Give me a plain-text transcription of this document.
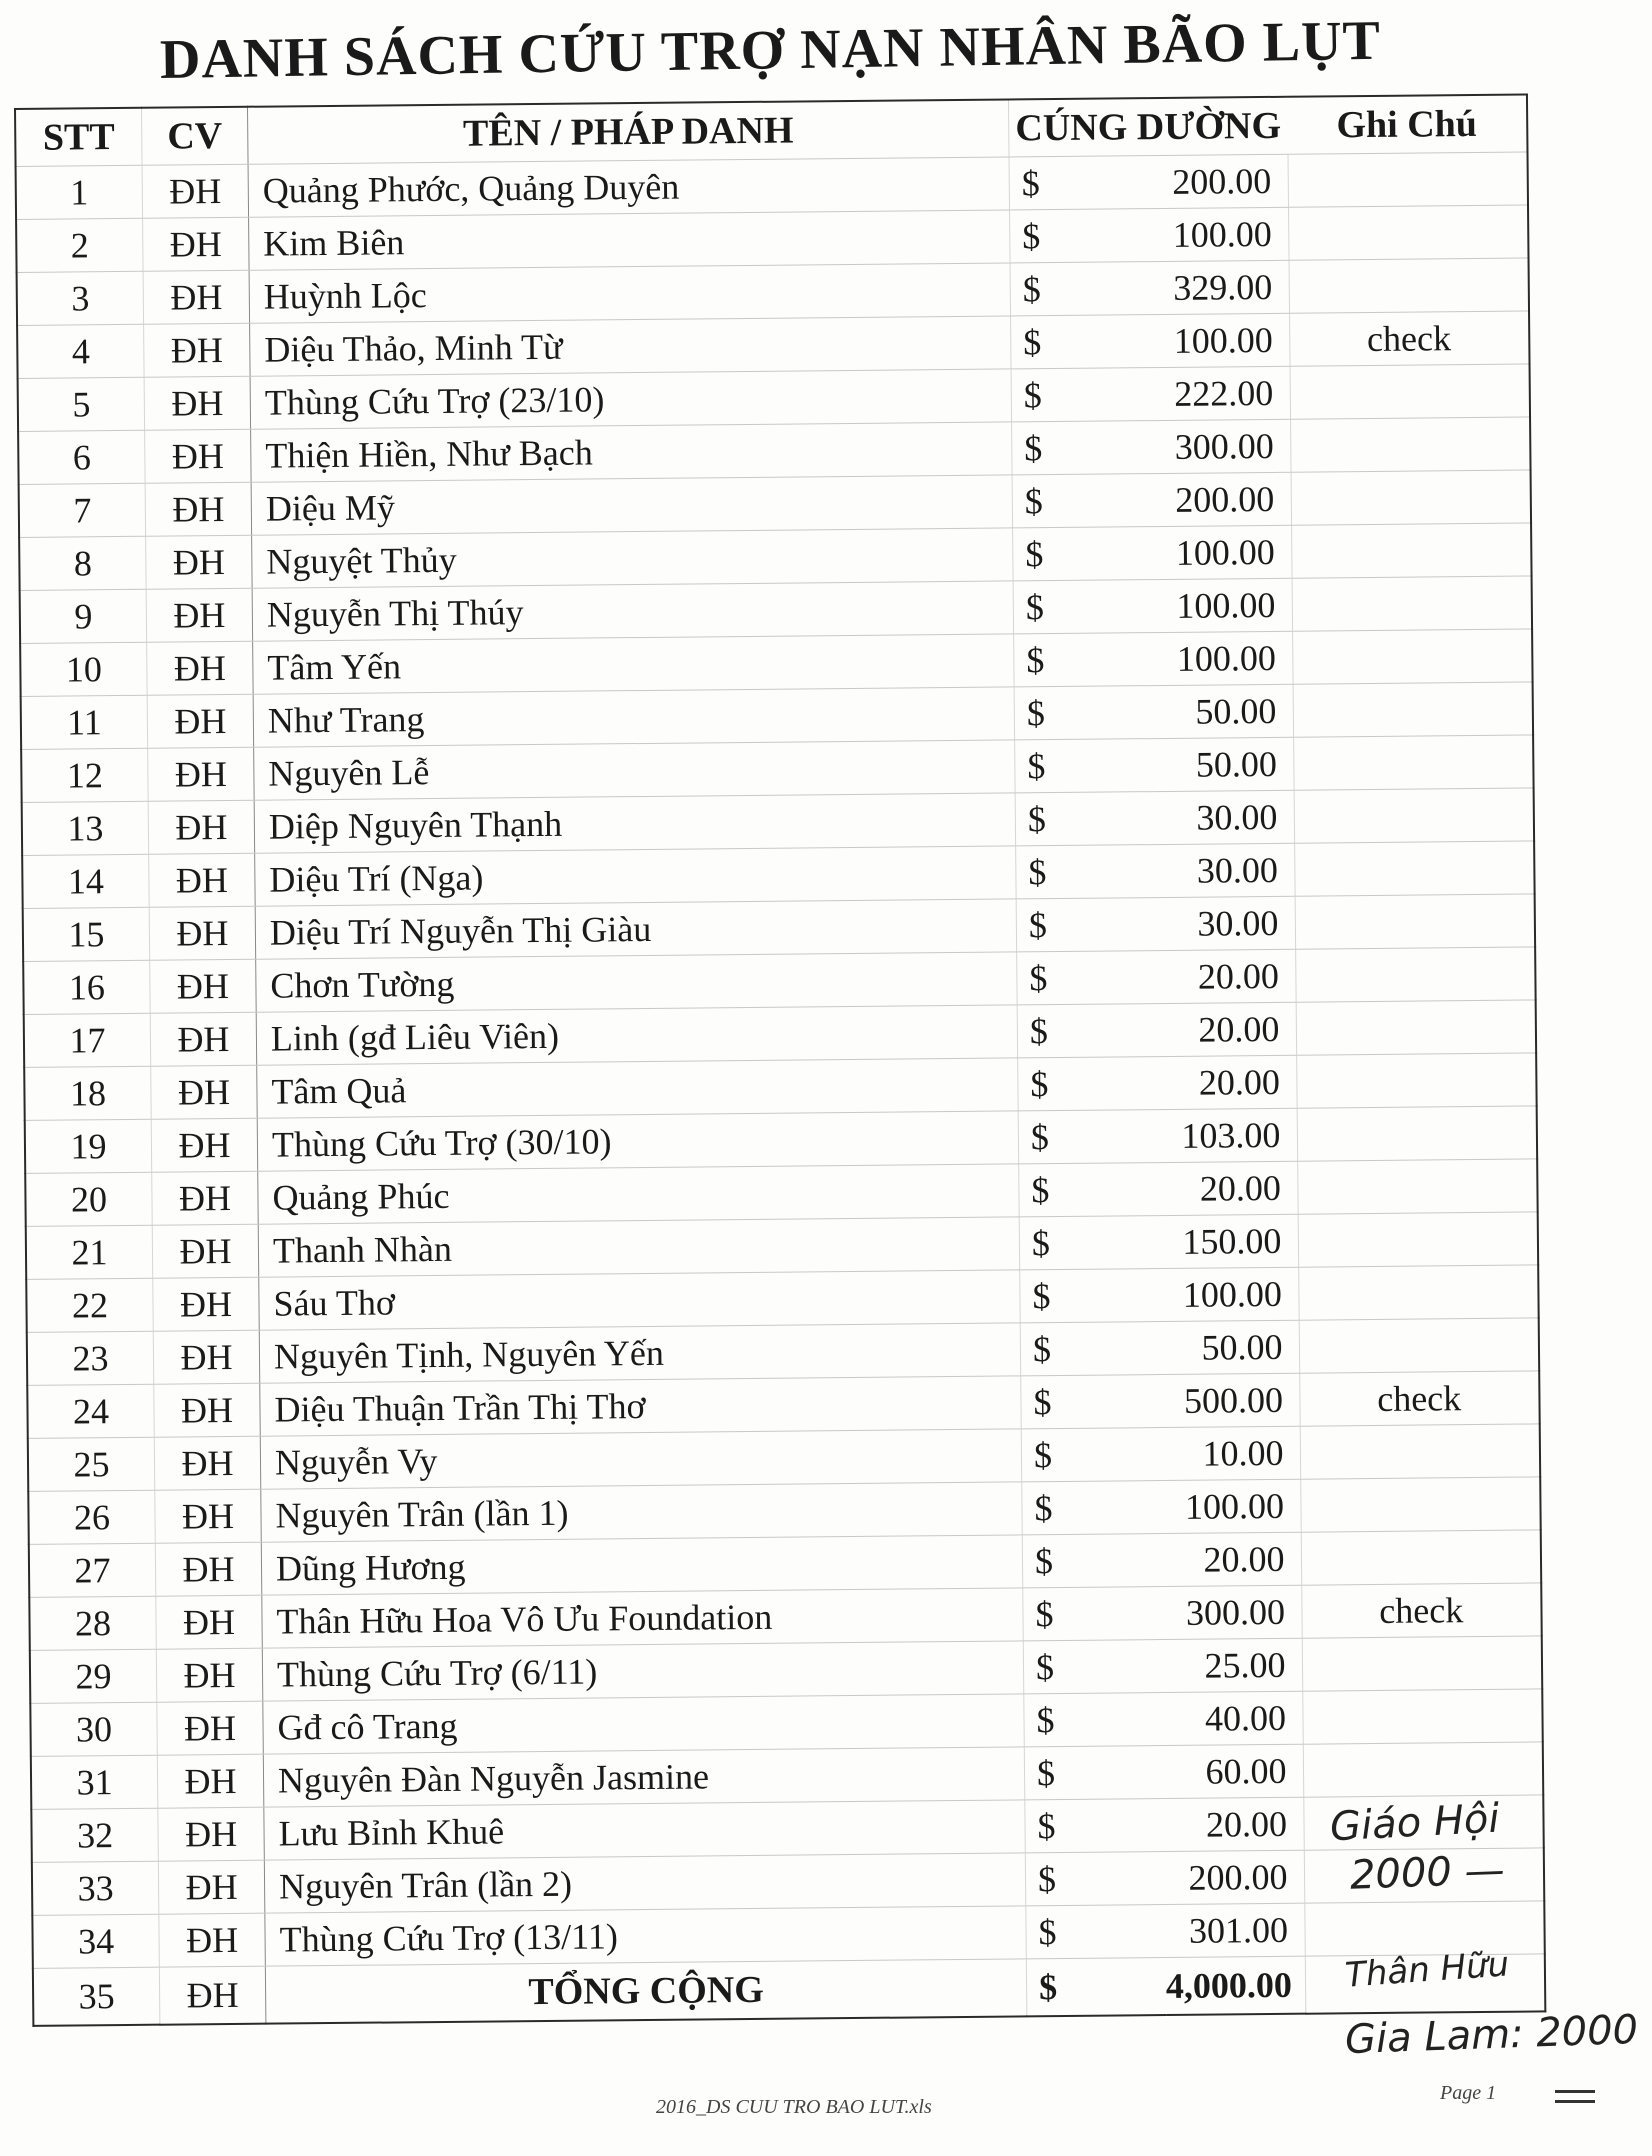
DANH SÁCH CỨU TRỢ NẠN NHÂN BÃO LỤT
STT	CV	TÊN / PHÁP DANH	CÚNG DƯỜNG		Ghi Chú
1	ĐH	Quảng Phước, Quảng Duyên	$	200.00	
2	ĐH	Kim Biên	$	100.00	
3	ĐH	Huỳnh Lộc	$	329.00	
4	ĐH	Diệu Thảo, Minh Từ	$	100.00	check
5	ĐH	Thùng Cứu Trợ (23/10)	$	222.00	
6	ĐH	Thiện Hiền, Như Bạch	$	300.00	
7	ĐH	Diệu Mỹ	$	200.00	
8	ĐH	Nguyệt Thủy	$	100.00	
9	ĐH	Nguyễn Thị Thúy	$	100.00	
10	ĐH	Tâm Yến	$	100.00	
11	ĐH	Như Trang	$	50.00	
12	ĐH	Nguyên Lễ	$	50.00	
13	ĐH	Diệp Nguyên Thạnh	$	30.00	
14	ĐH	Diệu Trí (Nga)	$	30.00	
15	ĐH	Diệu Trí Nguyễn Thị Giàu	$	30.00	
16	ĐH	Chơn Tường	$	20.00	
17	ĐH	Linh (gđ Liêu Viên)	$	20.00	
18	ĐH	Tâm Quả	$	20.00	
19	ĐH	Thùng Cứu Trợ (30/10)	$	103.00	
20	ĐH	Quảng Phúc	$	20.00	
21	ĐH	Thanh Nhàn	$	150.00	
22	ĐH	Sáu Thơ	$	100.00	
23	ĐH	Nguyên Tịnh, Nguyên Yến	$	50.00	
24	ĐH	Diệu Thuận Trần Thị Thơ	$	500.00	check
25	ĐH	Nguyễn Vy	$	10.00	
26	ĐH	Nguyên Trân (lần 1)	$	100.00	
27	ĐH	Dũng Hương	$	20.00	
28	ĐH	Thân Hữu Hoa Vô Ưu Foundation	$	300.00	check
29	ĐH	Thùng Cứu Trợ (6/11)	$	25.00	
30	ĐH	Gđ cô Trang	$	40.00	
31	ĐH	Nguyên Đàn Nguyễn Jasmine	$	60.00	
32	ĐH	Lưu Bỉnh Khuê	$	20.00	
33	ĐH	Nguyên Trân (lần 2)	$	200.00	
34	ĐH	Thùng Cứu Trợ (13/11)	$	301.00	
35	ĐH	TỔNG CỘNG	$	4,000.00	
Giáo Hội
2000 —
Thân Hữu
Gia Lam: 2000
2016_DS CUU TRO BAO LUT.xls
Page 1
